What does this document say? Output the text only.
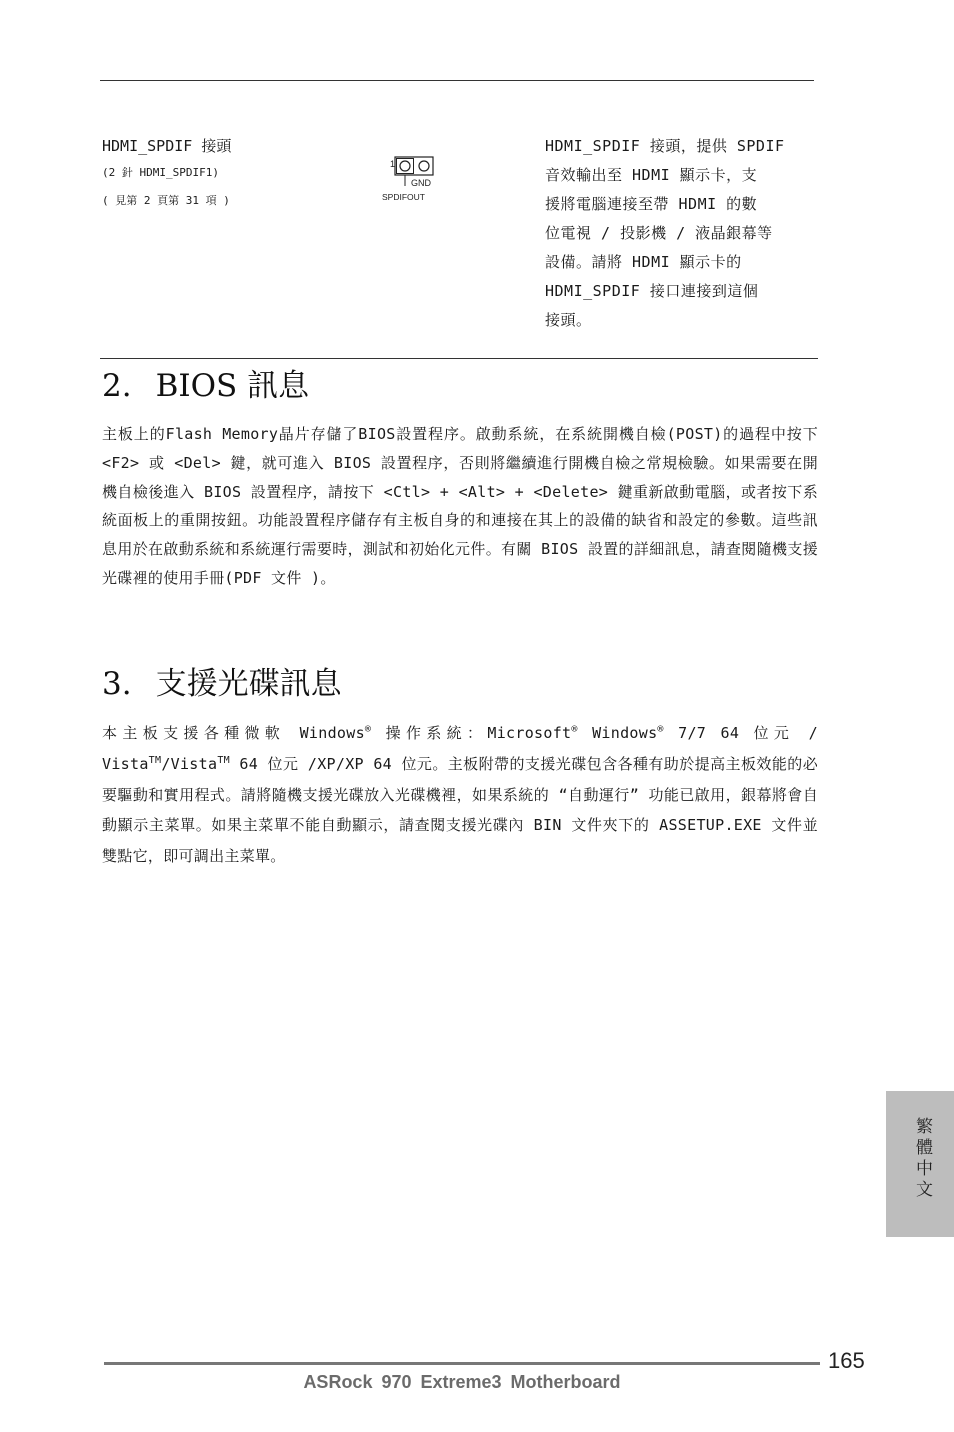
HDMI_SPDIF 接頭

(2 針 HDMI_SPDIF1)

( 見第 2 頁第 31 項 )

1
GND
SPDIFOUT
HDMI_SPDIF 接頭，提供 SPDIF
音效輸出至 HDMI 顯示卡，支
援將電腦連接至帶 HDMI 的數
位電視 / 投影機 / 液晶銀幕等
設備。請將 HDMI 顯示卡的
HDMI_SPDIF 接口連接到這個
接頭。
2. BIOS 訊息

主板上的Flash Memory晶片存儲了BIOS設置程序。啟動系統，在系統開機自檢(POST)的過程中按下 <F2> 或 <Del> 鍵，就可進入 BIOS 設置程序，否則將繼續進行開機自檢之常規檢驗。如果需要在開機自檢後進入 BIOS 設置程序，請按下 <Ctl> + <Alt> + <Delete> 鍵重新啟動電腦，或者按下系統面板上的重開按鈕。功能設置程序儲存有主板自身的和連接在其上的設備的缺省和設定的參數。這些訊息用於在啟動系統和系統運行需要時，測試和初始化元件。有關 BIOS 設置的詳細訊息，請查閱隨機支援光碟裡的使用手冊(PDF 文件 )。

3. 支援光碟訊息

本主板支援各種微軟 Windows® 操作系統：Microsoft® Windows® 7/7 64 位元 / Vista™/Vista™ 64 位元 /XP/XP 64 位元。主板附帶的支援光碟包含各種有助於提高主板效能的必要驅動和實用程式。請將隨機支援光碟放入光碟機裡，如果系統的 “自動運行” 功能已啟用，銀幕將會自動顯示主菜單。如果主菜單不能自動顯示，請查閱支援光碟內 BIN 文件夾下的 ASSETUP.EXE 文件並雙點它，即可調出主菜單。

繁體中文
165
ASRock 970 Extreme3 Motherboard
